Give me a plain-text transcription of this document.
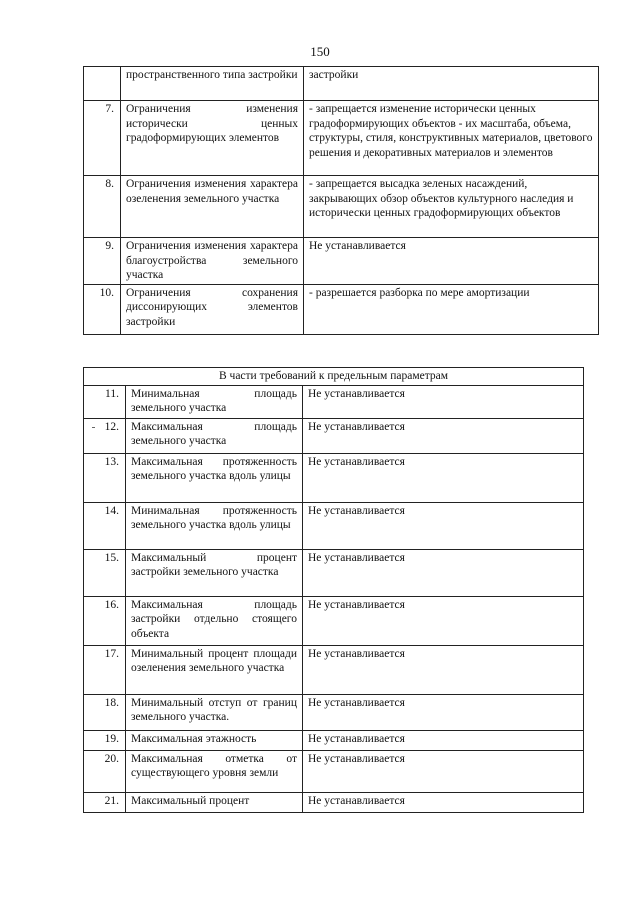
150
	пространственного типа застройки	застройки
7.	Ограничения изменения исторически ценных градоформирующих элементов	- запрещается изменение исторически ценных градоформирующих объектов - их масштаба, объема, структуры, стиля, конструктивных материалов, цветового решения и декоративных материалов и элементов
8.	Ограничения изменения характера озеленения земельного участка	- запрещается высадка зеленых насаждений, закрывающих обзор объектов культурного наследия и исторически ценных градоформирующих объектов
9.	Ограничения изменения характера благоустройства земельного участка	Не устанавливается
10.	Ограничения сохранения диссонирующих элементов застройки	- разрешается разборка по мере амортизации
В части требований к предельным параметрам		
11.	Минимальная площадь земельного участка	Не устанавливается
12.	Максимальная площадь земельного участка	Не устанавливается
13.	Максимальная протяженность земельного участка вдоль улицы	Не устанавливается
14.	Минимальная протяженность земельного участка вдоль улицы	Не устанавливается
15.	Максимальный процент застройки земельного участка	Не устанавливается
16.	Максимальная площадь застройки отдельно стоящего объекта	Не устанавливается
17.	Минимальный процент площади озеленения земельного участка	Не устанавливается
18.	Минимальный отступ от границ земельного участка.	Не устанавливается
19.	Максимальная этажность	Не устанавливается
20.	Максимальная отметка от существующего уровня земли	Не устанавливается
21.	Максимальный процент	Не устанавливается
